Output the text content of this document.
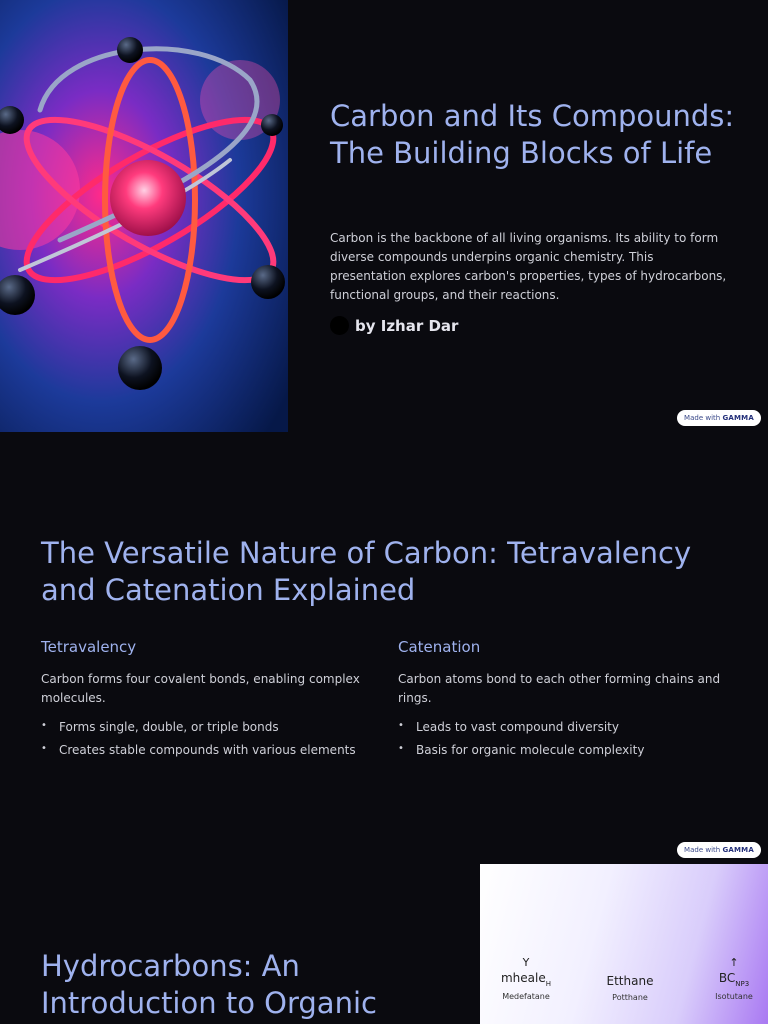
Carbon and Its Compounds: The Building Blocks of Life

Carbon is the backbone of all living organisms. Its ability to form diverse compounds underpins organic chemistry. This presentation explores carbon's properties, types of hydrocarbons, functional groups, and their reactions.

by Izhar Dar
Made with GAMMA
The Versatile Nature of Carbon: Tetravalency and Catenation Explained
Tetravalency

Carbon forms four covalent bonds, enabling complex molecules.

• Forms single, double, or triple bonds
• Creates stable compounds with various elements
Catenation

Carbon atoms bond to each other forming chains and rings.

• Leads to vast compound diversity
• Basis for organic molecule complexity
Made with GAMMA
Hydrocarbons: An Introduction to Organic
Y
mheale$_H$
Medefatane
Etthane
Potthane
↑
$BC_{NP3}$
Isotutane
